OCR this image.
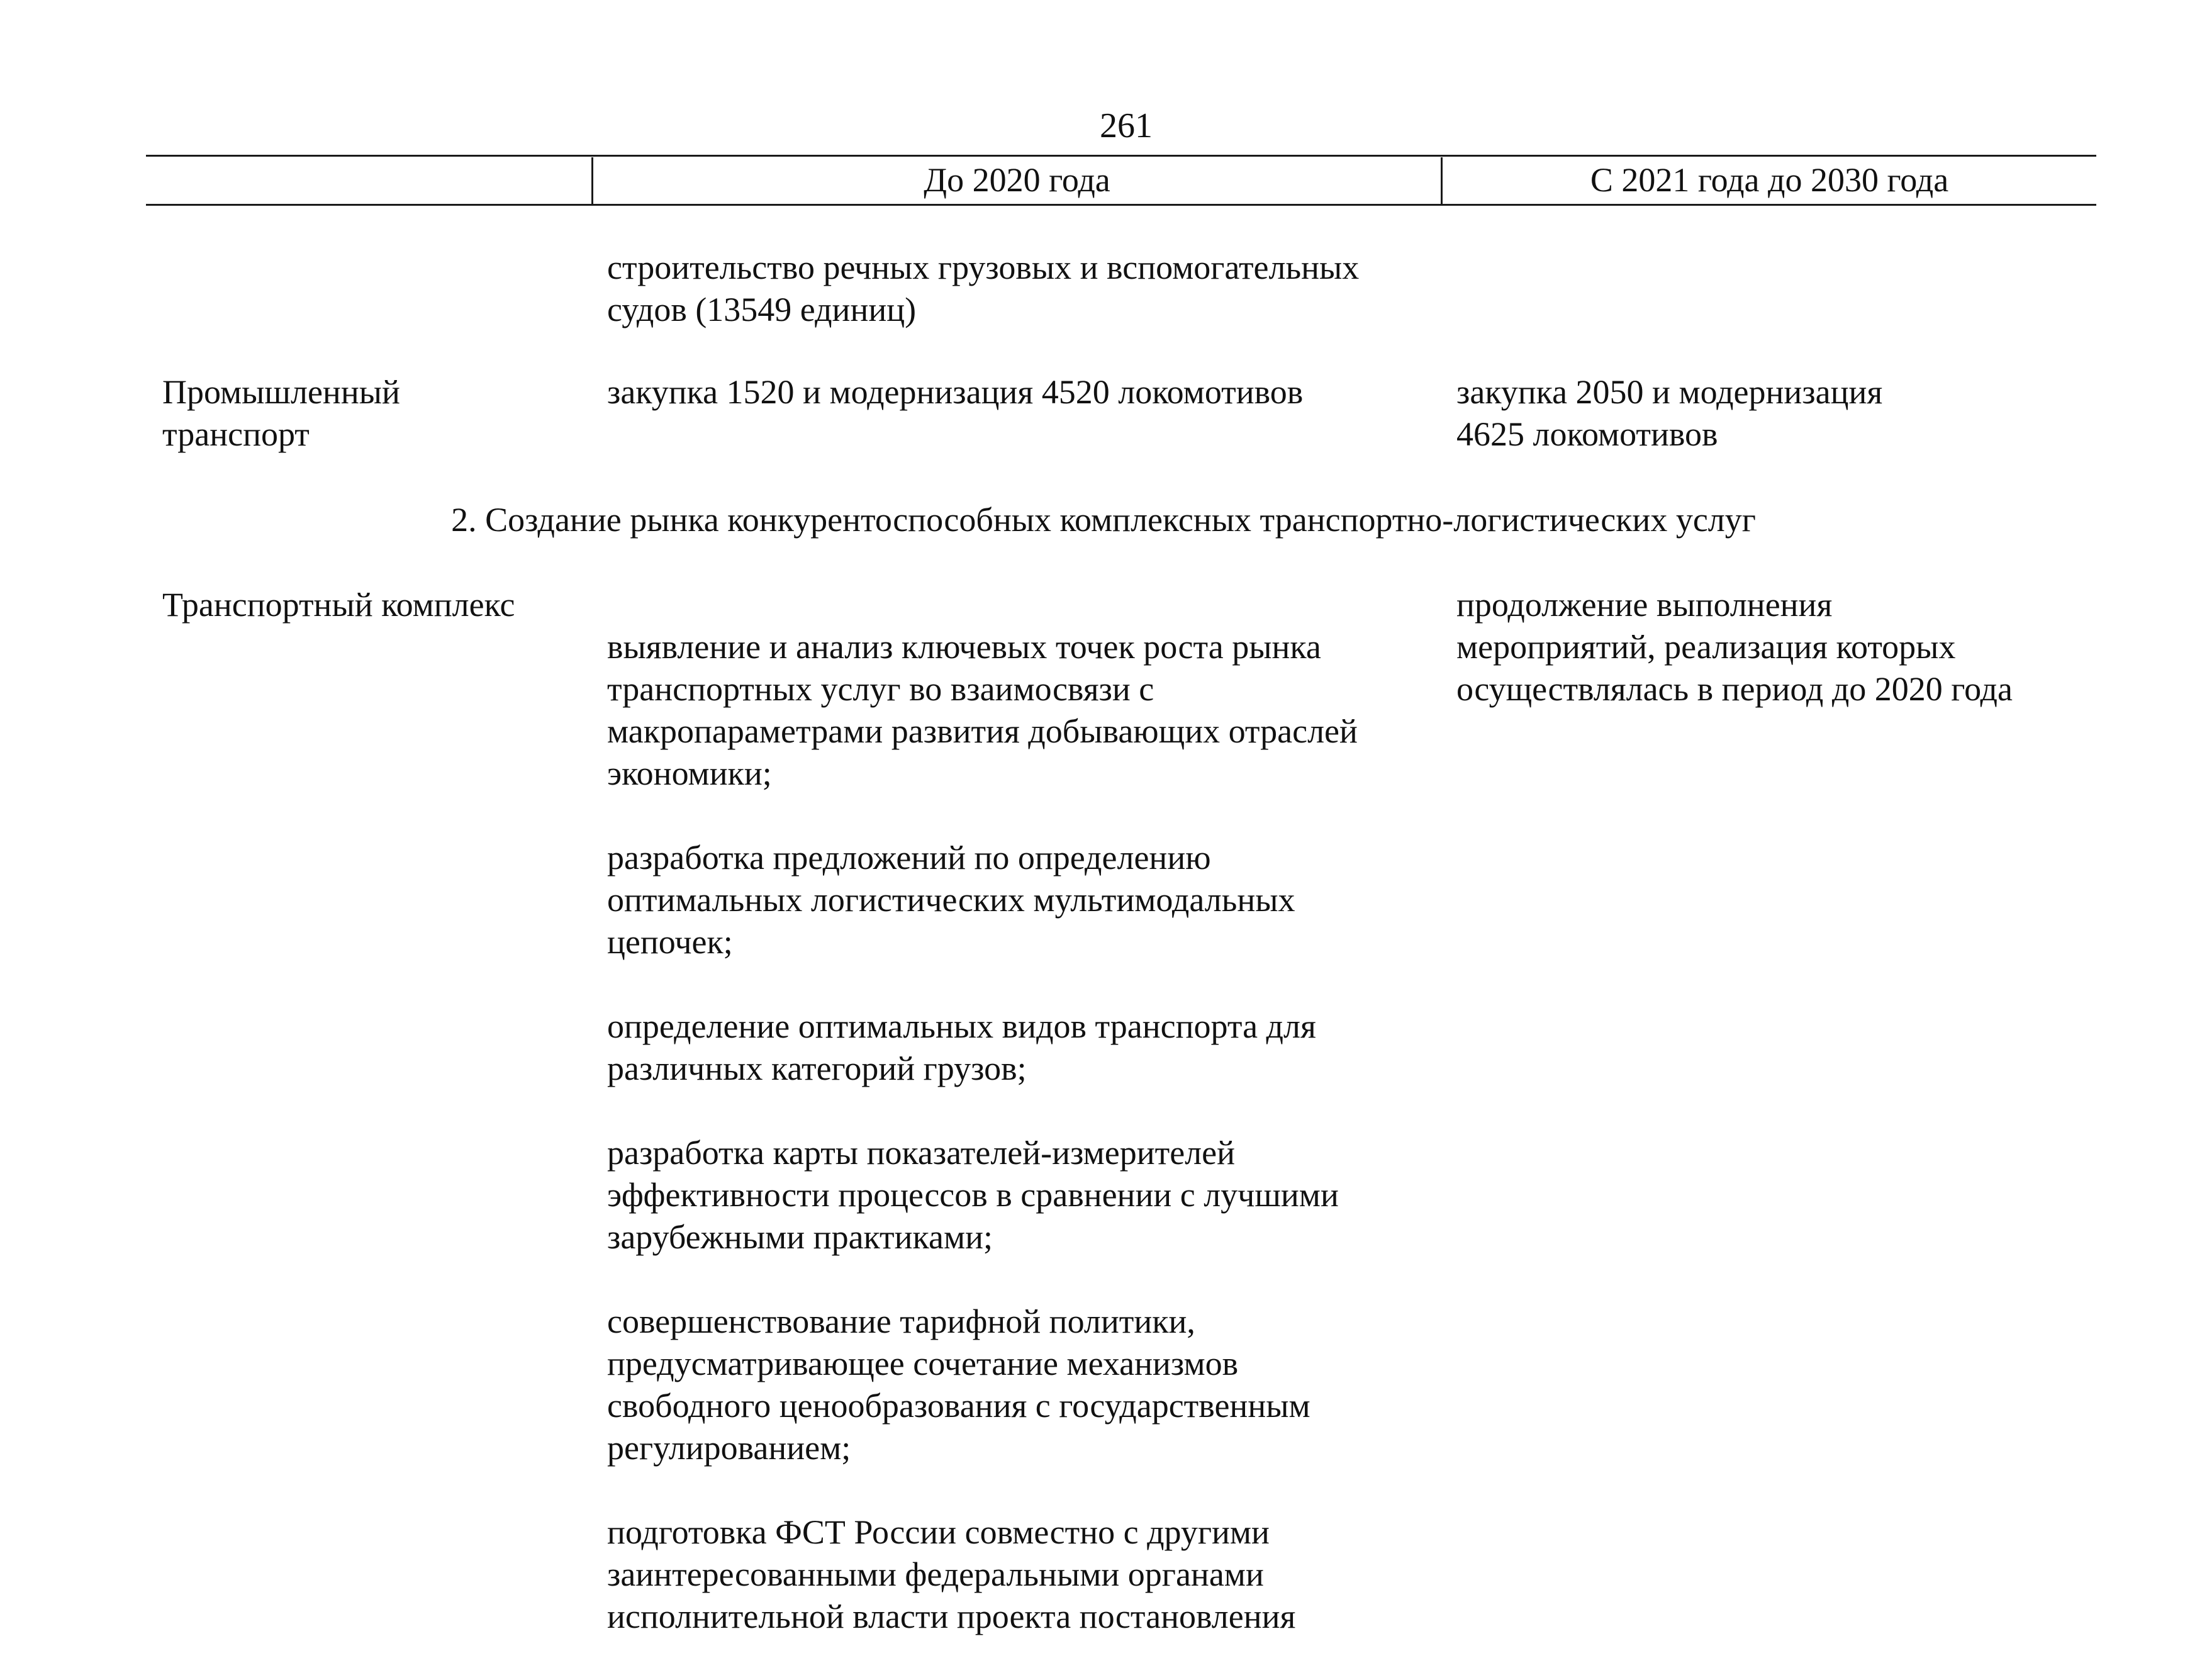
261
До 2020 года	С 2021 года до 2030 года
строительство речных грузовых и вспомогательных
судов (13549 единиц)
Промышленный
транспорт
закупка 1520 и модернизация 4520 локомотивов	закупка 2050 и модернизация
4625 локомотивов
2. Создание рынка конкурентоспособных комплексных транспортно-логистических услуг
Транспортный комплекс

выявление и анализ ключевых точек роста рынка
транспортных услуг во взаимосвязи с
макропараметрами развития добывающих отраслей
экономики;

разработка предложений по определению
оптимальных логистических мультимодальных
цепочек;

определение оптимальных видов транспорта для
различных категорий грузов;

разработка карты показателей-измерителей
эффективности процессов в сравнении с лучшими
зарубежными практиками;

совершенствование тарифной политики,
предусматривающее сочетание механизмов
свободного ценообразования с государственным
регулированием;

подготовка ФСТ России совместно с другими
заинтересованными федеральными органами
исполнительной власти проекта постановления

продолжение выполнения
мероприятий, реализация которых
осуществлялась в период до 2020 года
